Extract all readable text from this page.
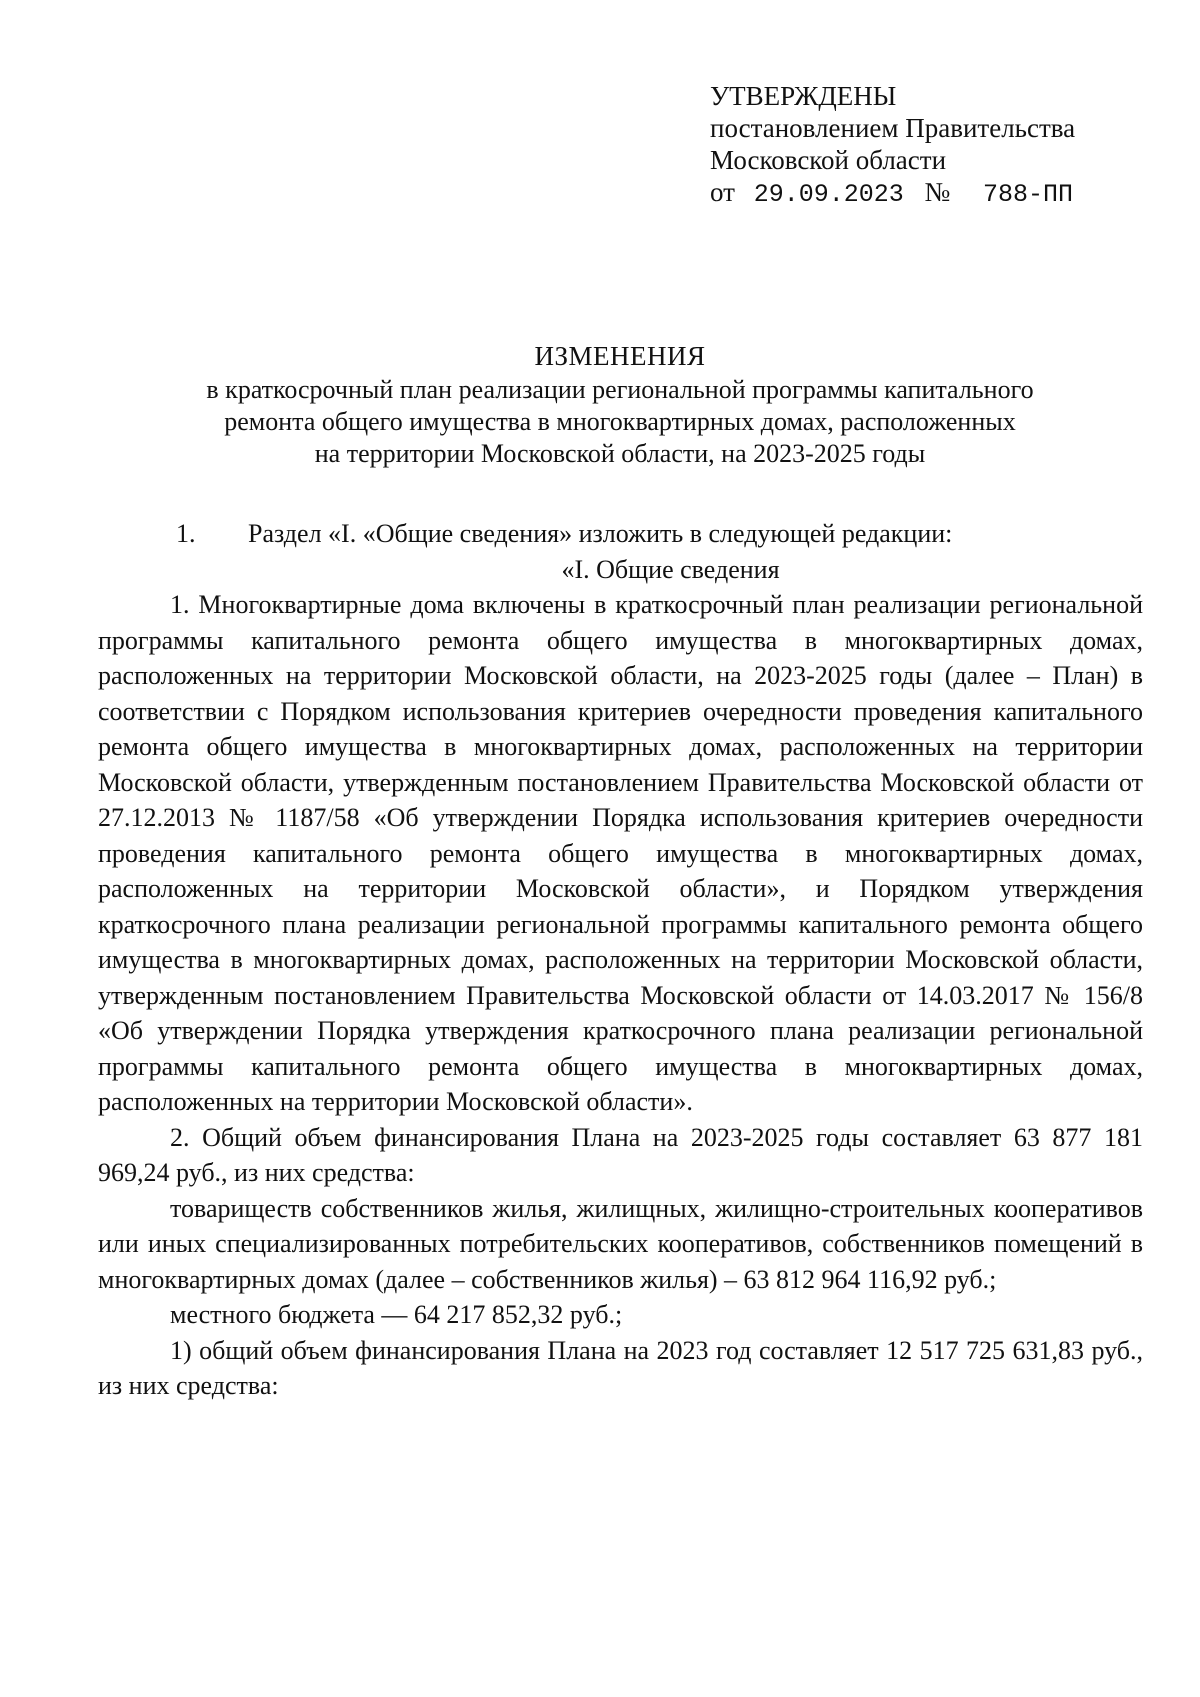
УТВЕРЖДЕНЫ
постановлением Правительства
Московской области
от 29.09.2023 № 788-ПП
ИЗМЕНЕНИЯ
в краткосрочный план реализации региональной программы капитального
ремонта общего имущества в многоквартирных домах, расположенных
на территории Московской области, на 2023-2025 годы
1.	Раздел «I. «Общие сведения» изложить в следующей редакции:
«I. Общие сведения

1. Многоквартирные дома включены в краткосрочный план реализации региональной программы капитального ремонта общего имущества в многоквартирных домах, расположенных на территории Московской области, на 2023-2025 годы (далее – План) в соответствии с Порядком использования критериев очередности проведения капитального ремонта общего имущества в многоквартирных домах, расположенных на территории Московской области, утвержденным постановлением Правительства Московской области от 27.12.2013 № 1187/58 «Об утверждении Порядка использования критериев очередности проведения капитального ремонта общего имущества в многоквартирных домах, расположенных на территории Московской области», и Порядком утверждения краткосрочного плана реализации региональной программы капитального ремонта общего имущества в многоквартирных домах, расположенных на территории Московской области, утвержденным постановлением Правительства Московской области от 14.03.2017 № 156/8 «Об утверждении Порядка утверждения краткосрочного плана реализации региональной программы капитального ремонта общего имущества в многоквартирных домах, расположенных на территории Московской области».

2. Общий объем финансирования Плана на 2023-2025 годы составляет 63 877 181 969,24 руб., из них средства:

товариществ собственников жилья, жилищных, жилищно-строительных кооперативов или иных специализированных потребительских кооперативов, собственников помещений в многоквартирных домах (далее – собственников жилья) – 63 812 964 116,92 руб.;

местного бюджета — 64 217 852,32 руб.;

1) общий объем финансирования Плана на 2023 год составляет 12 517 725 631,83 руб., из них средства:
